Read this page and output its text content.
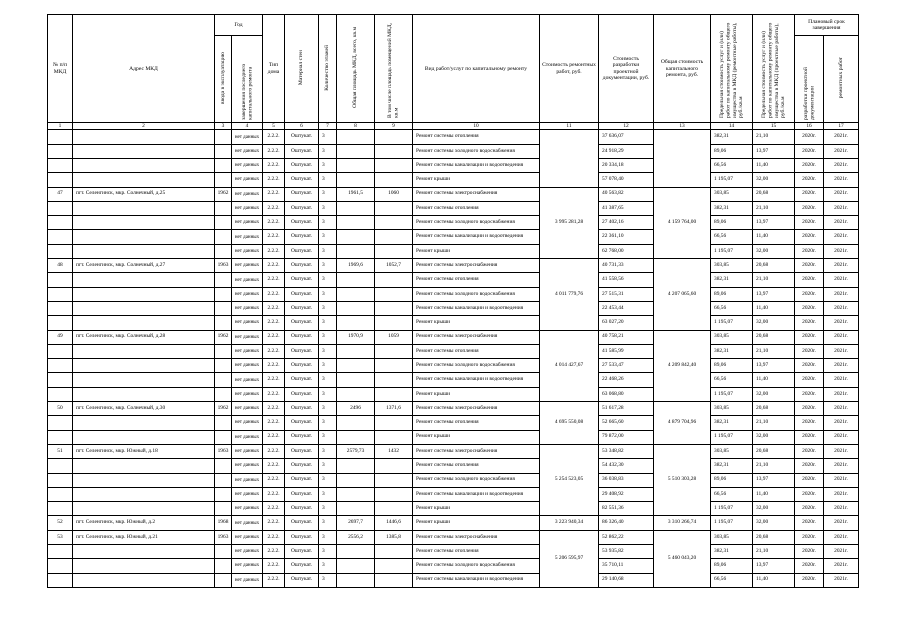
№ п/п МКД	Адрес МКД	Год		Тип дома	Материал стен	Количество этажей	Общая площадь МКД, всего, кв.м	В том числе площадь помещений МКД, кв.м	Вид работ/услуг по капитальному ремонту	Стоимость ремонтных работ, руб.	Стоимость разработки проектной документации, руб.	Общая стоимость капитального ремонта, руб.	Предельная стоимость услуг и (или) работ по капитальному ремонту общего имущества в МКД (ремонтные работы), руб./кв.м	Предельная стоимость услуг и (или) работ по капитальному ремонту общего имущества в МКД (проектные работы), руб./кв.м	Плановый срок завершения	
		ввода в эксплуатацию	завершения последнего капитального ремонта												разработки проектной документации	ремонтных работ
1	2	3	4	5	6	7	8	9	10	11	12	13	14	15	16	17
			нет данных	2.2.2.	Оштукат.	3			Ремонт системы отопления		37 636,07		382,31	21,10	2020г.	2021г.
			нет данных	2.2.2.	Оштукат.	3			Ремонт системы холодного водоснабжения		24 918,29		89,06	13,97	2020г.	2021г.
			нет данных	2.2.2.	Оштукат.	3			Ремонт системы канализации и водоотведения		20 334,18		66,56	11,40	2020г.	2021г.
			нет данных	2.2.2.	Оштукат.	3			Ремонт крыши		57 078,40		1 195,07	32,00	2020г.	2021г.
47	пгт. Селенгинск, мкр. Солнечный, д.25	1962	нет данных	2.2.2.	Оштукат.	3	1961,5	1060	Ремонт системы электроснабжения	3 995 281,28	40 563,82	4 159 764,00	303,85	20,68	2020г.	2021г.
			нет данных	2.2.2.	Оштукат.	3			Ремонт системы отопления		41 387,65		382,31	21,10	2020г.	2021г.
			нет данных	2.2.2.	Оштукат.	3			Ремонт системы холодного водоснабжения		27 402,16		89,06	13,97	2020г.	2021г.
			нет данных	2.2.2.	Оштукат.	3			Ремонт системы канализации и водоотведения		22 361,10		66,56	11,40	2020г.	2021г.
			нет данных	2.2.2.	Оштукат.	3			Ремонт крыши		62 768,00		1 195,07	32,00	2020г.	2021г.
48	пгт. Селенгинск, мкр. Солнечный, д.27	1963	нет данных	2.2.2.	Оштукат.	3	1969,6	1052,7	Ремонт системы электроснабжения	4 011 779,76	40 731,33	4 207 065,60	303,85	20,68	2020г.	2021г.
			нет данных	2.2.2.	Оштукат.	3			Ремонт системы отопления		41 558,56		382,31	21,10	2020г.	2021г.
			нет данных	2.2.2.	Оштукат.	3			Ремонт системы холодного водоснабжения		27 515,31		89,06	13,97	2020г.	2021г.
			нет данных	2.2.2.	Оштукат.	3			Ремонт системы канализации и водоотведения		22 453,44		66,56	11,40	2020г.	2021г.
			нет данных	2.2.2.	Оштукат.	3			Ремонт крыши		63 027,20		1 195,07	32,00	2020г.	2021г.
49	пгт. Селенгинск, мкр. Солнечный, д.28	1962	нет данных	2.2.2.	Оштукат.	3	1970,9	1059	Ремонт системы электроснабжения	4 014 427,67	40 758,21	4 209 842,40	303,85	20,68	2020г.	2021г.
			нет данных	2.2.2.	Оштукат.	3			Ремонт системы отопления		41 585,99		382,31	21,10	2020г.	2021г.
			нет данных	2.2.2.	Оштукат.	3			Ремонт системы холодного водоснабжения		27 533,47		89,06	13,97	2020г.	2021г.
			нет данных	2.2.2.	Оштукат.	3			Ремонт системы канализации и водоотведения		22 468,26		66,56	11,40	2020г.	2021г.
			нет данных	2.2.2.	Оштукат.	3			Ремонт крыши		63 068,80		1 195,07	32,00	2020г.	2021г.
50	пгт. Селенгинск, мкр. Солнечный, д.30	1962	нет данных	2.2.2.	Оштукат.	3	2496	1371,6	Ремонт системы электроснабжения	4 695 550,08	51 617,28	4 879 704,96	303,85	20,68	2020г.	2021г.
			нет данных	2.2.2.	Оштукат.	3			Ремонт системы отопления		52 665,60		382,31	21,10	2020г.	2021г.
			нет данных	2.2.2.	Оштукат.	3			Ремонт крыши		79 872,00		1 195,07	32,00	2020г.	2021г.
51	пгт. Селенгинск, мкр. Южный, д.18	1963	нет данных	2.2.2.	Оштукат.	3	2579,73	1432	Ремонт системы электроснабжения	5 254 523,05	53 348,82	5 510 303,28	303,85	20,68	2020г.	2021г.
			нет данных	2.2.2.	Оштукат.	3			Ремонт системы отопления		54 432,30		382,31	21,10	2020г.	2021г.
			нет данных	2.2.2.	Оштукат.	3			Ремонт системы холодного водоснабжения		36 038,83		89,06	13,97	2020г.	2021г.
			нет данных	2.2.2.	Оштукат.	3			Ремонт системы канализации и водоотведения		29 408,92		66,56	11,40	2020г.	2021г.
			нет данных	2.2.2.	Оштукат.	3			Ремонт крыши		82 551,36		1 195,07	32,00	2020г.	2021г.
52	пгт. Селенгинск, мкр. Южный, д.2	1968	нет данных	2.2.2.	Оштукат.	3	2697,7	1446,6	Ремонт крыши	3 223 940,34	86 326,40	3 310 266,74	1 195,07	32,00	2020г.	2021г.
53	пгт. Селенгинск, мкр. Южный, д.21	1963	нет данных	2.2.2.	Оштукат.	3	2556,2	1385,8	Ремонт системы электроснабжения	5 206 595,97	52 862,22	5 460 043,20	303,85	20,68	2020г.	2021г.
			нет данных	2.2.2.	Оштукат.	3			Ремонт системы отопления		53 935,82		382,31	21,10	2020г.	2021г.
			нет данных	2.2.2.	Оштукат.	3			Ремонт системы холодного водоснабжения		35 710,11		89,06	13,97	2020г.	2021г.
			нет данных	2.2.2.	Оштукат.	3			Ремонт системы канализации и водоотведения		29 140,68		66,56	11,40	2020г.	2021г.
